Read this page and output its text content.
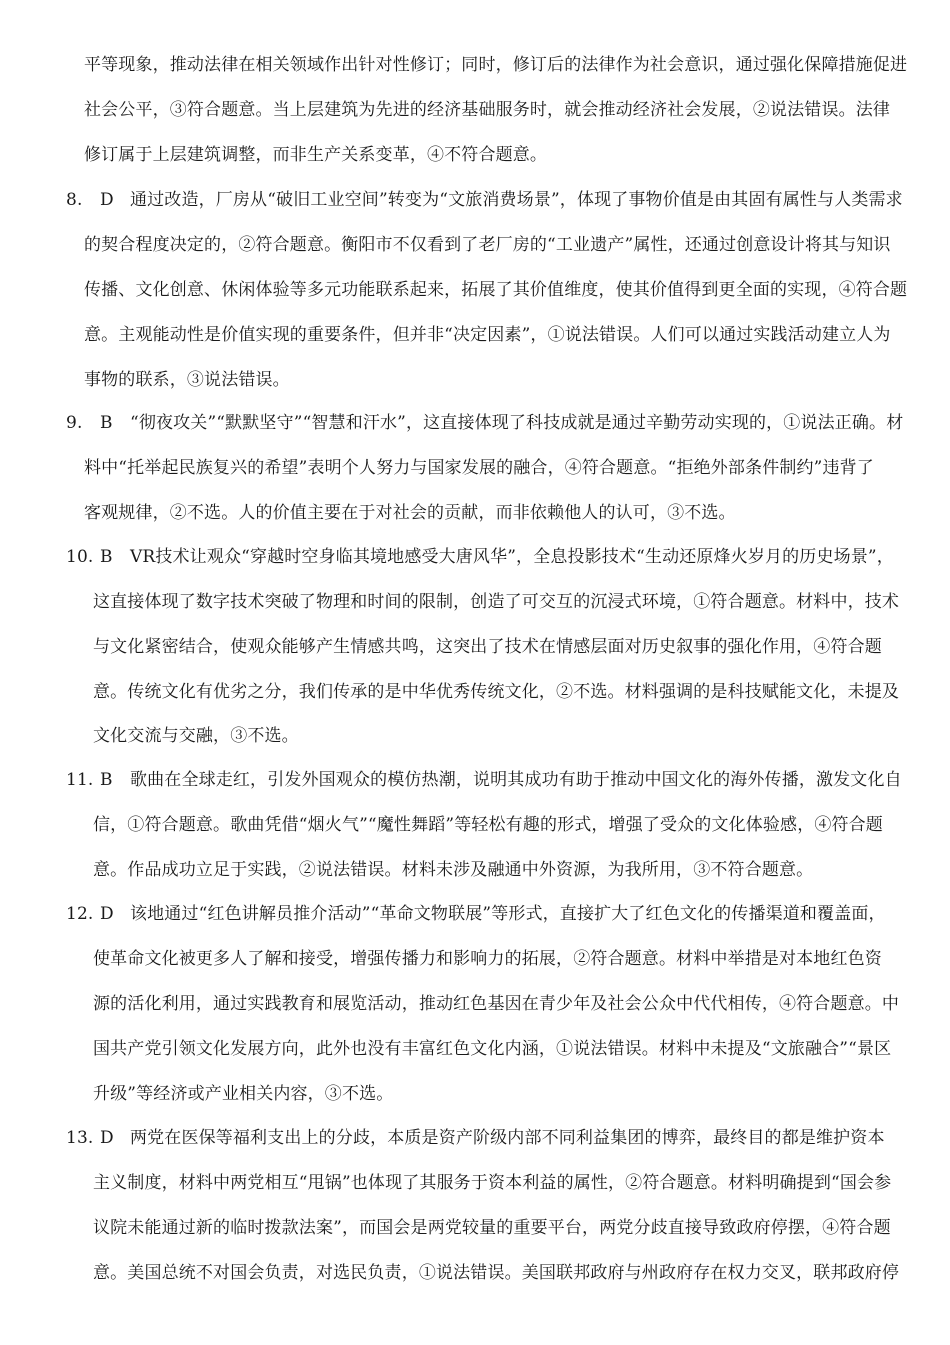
平等现象，推动法律在相关领域作出针对性修订；同时，修订后的法律作为社会意识，通过强化保障措施促进
社会公平，③符合题意。当上层建筑为先进的经济基础服务时，就会推动经济社会发展，②说法错误。法律
修订属于上层建筑调整，而非生产关系变革，④不符合题意。
8. D 通过改造，厂房从“破旧工业空间”转变为“文旅消费场景”，体现了事物价值是由其固有属性与人类需求
的契合程度决定的，②符合题意。衡阳市不仅看到了老厂房的“工业遗产”属性，还通过创意设计将其与知识
传播、文化创意、休闲体验等多元功能联系起来，拓展了其价值维度，使其价值得到更全面的实现，④符合题
意。主观能动性是价值实现的重要条件，但并非“决定因素”，①说法错误。人们可以通过实践活动建立人为
事物的联系，③说法错误。
9. B “彻夜攻关”“默默坚守”“智慧和汗水”，这直接体现了科技成就是通过辛勤劳动实现的，①说法正确。材
料中“托举起民族复兴的希望”表明个人努力与国家发展的融合，④符合题意。“拒绝外部条件制约”违背了
客观规律，②不选。人的价值主要在于对社会的贡献，而非依赖他人的认可，③不选。
10. B VR技术让观众“穿越时空身临其境地感受大唐风华”，全息投影技术“生动还原烽火岁月的历史场景”，
这直接体现了数字技术突破了物理和时间的限制，创造了可交互的沉浸式环境，①符合题意。材料中，技术
与文化紧密结合，使观众能够产生情感共鸣，这突出了技术在情感层面对历史叙事的强化作用，④符合题
意。传统文化有优劣之分，我们传承的是中华优秀传统文化，②不选。材料强调的是科技赋能文化，未提及
文化交流与交融，③不选。
11. B 歌曲在全球走红，引发外国观众的模仿热潮，说明其成功有助于推动中国文化的海外传播，激发文化自
信，①符合题意。歌曲凭借“烟火气”“魔性舞蹈”等轻松有趣的形式，增强了受众的文化体验感，④符合题
意。作品成功立足于实践，②说法错误。材料未涉及融通中外资源，为我所用，③不符合题意。
12. D 该地通过“红色讲解员推介活动”“革命文物联展”等形式，直接扩大了红色文化的传播渠道和覆盖面，
使革命文化被更多人了解和接受，增强传播力和影响力的拓展，②符合题意。材料中举措是对本地红色资
源的活化利用，通过实践教育和展览活动，推动红色基因在青少年及社会公众中代代相传，④符合题意。中
国共产党引领文化发展方向，此外也没有丰富红色文化内涵，①说法错误。材料中未提及“文旅融合”“景区
升级”等经济或产业相关内容，③不选。
13. D 两党在医保等福利支出上的分歧，本质是资产阶级内部不同利益集团的博弈，最终目的都是维护资本
主义制度，材料中两党相互“甩锅”也体现了其服务于资本利益的属性，②符合题意。材料明确提到“国会参
议院未能通过新的临时拨款法案”，而国会是两党较量的重要平台，两党分歧直接导致政府停摆，④符合题
意。美国总统不对国会负责，对选民负责，①说法错误。美国联邦政府与州政府存在权力交叉，联邦政府停
